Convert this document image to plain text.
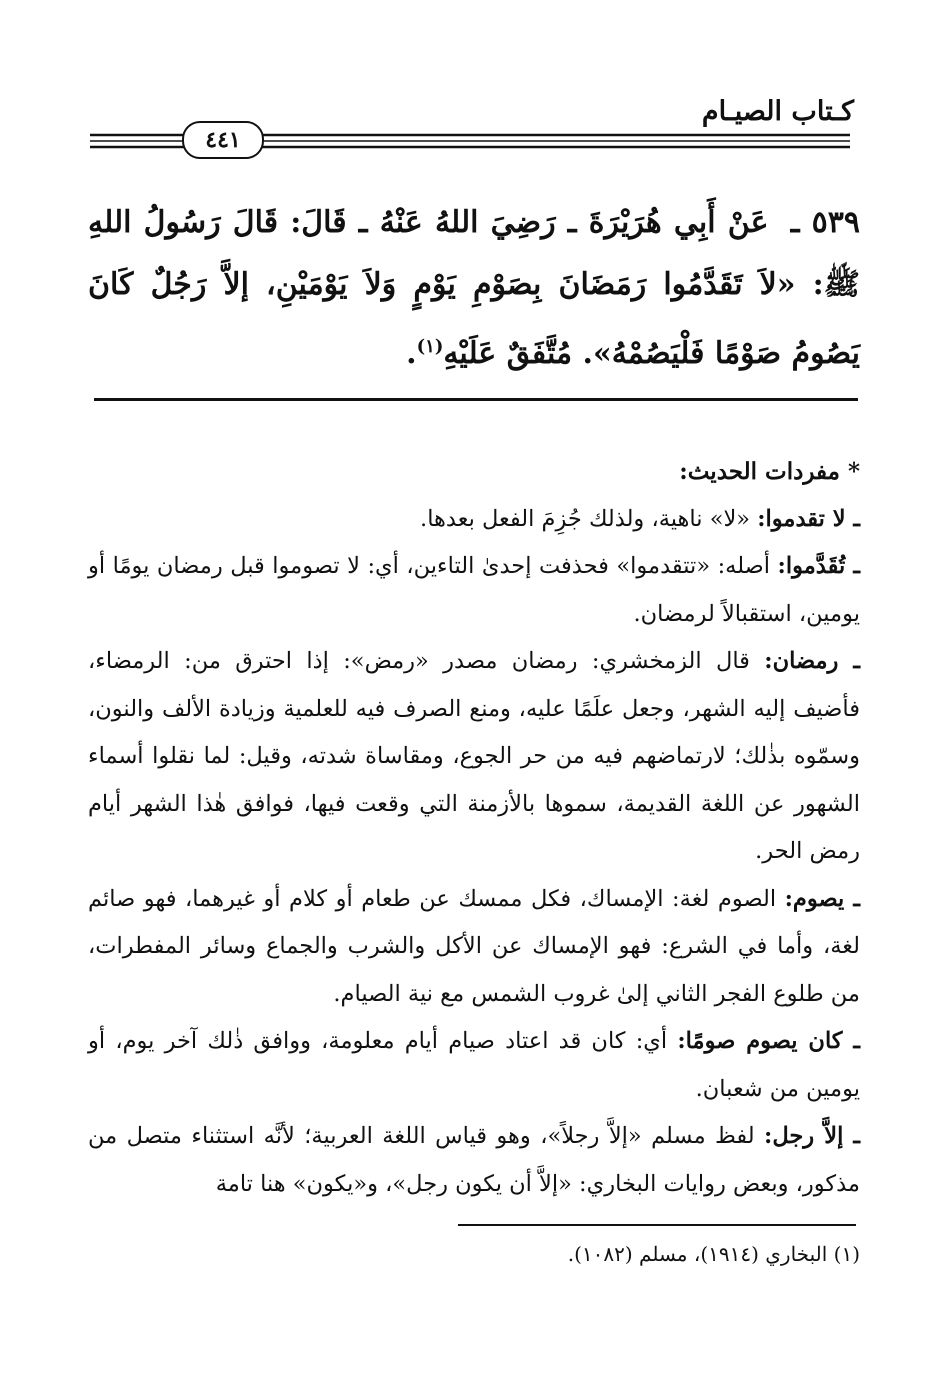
كـتاب الصيـام
٤٤١
٥٣٩ ـ عَنْ أَبِي هُرَيْرَةَ ـ رَضِيَ اللهُ عَنْهُ ـ قَالَ: قَالَ رَسُولُ اللهِ ﷺ: «لاَ تَقَدَّمُوا رَمَضَانَ بِصَوْمِ يَوْمٍ وَلاَ يَوْمَيْنِ، إلاَّ رَجُلٌ كَانَ يَصُومُ صَوْمًا فَلْيَصُمْهُ». مُتَّفَقٌ عَلَيْهِ$^{(١)}$.

* مفردات الحديث:

ـ لا تقدموا: «لا» ناهية، ولذلك جُزِمَ الفعل بعدها.

ـ تُقَدَّموا: أصله: «تتقدموا» فحذفت إحدىٰ التاءين، أي: لا تصوموا قبل رمضان يومًا أو يومين، استقبالاً لرمضان.

ـ رمضان: قال الزمخشري: رمضان مصدر «رمض»: إذا احترق من: الرمضاء، فأضيف إليه الشهر، وجعل علَمًا عليه، ومنع الصرف فيه للعلمية وزيادة الألف والنون، وسمّوه بذٰلك؛ لارتماضهم فيه من حر الجوع، ومقاساة شدته، وقيل: لما نقلوا أسماء الشهور عن اللغة القديمة، سموها بالأزمنة التي وقعت فيها، فوافق هٰذا الشهر أيام رمض الحر.

ـ يصوم: الصوم لغة: الإمساك، فكل ممسك عن طعام أو كلام أو غيرهما، فهو صائم لغة، وأما في الشرع: فهو الإمساك عن الأكل والشرب والجماع وسائر المفطرات، من طلوع الفجر الثاني إلىٰ غروب الشمس مع نية الصيام.

ـ كان يصوم صومًا: أي: كان قد اعتاد صيام أيام معلومة، ووافق ذٰلك آخر يوم، أو يومين من شعبان.

ـ إلاَّ رجل: لفظ مسلم «إلاَّ رجلاً»، وهو قياس اللغة العربية؛ لأنَّه استثناء متصل من مذكور، وبعض روايات البخاري: «إلاَّ أن يكون رجل»، و«يكون» هنا تامة

(١) البخاري (١٩١٤)، مسلم (١٠٨٢).
